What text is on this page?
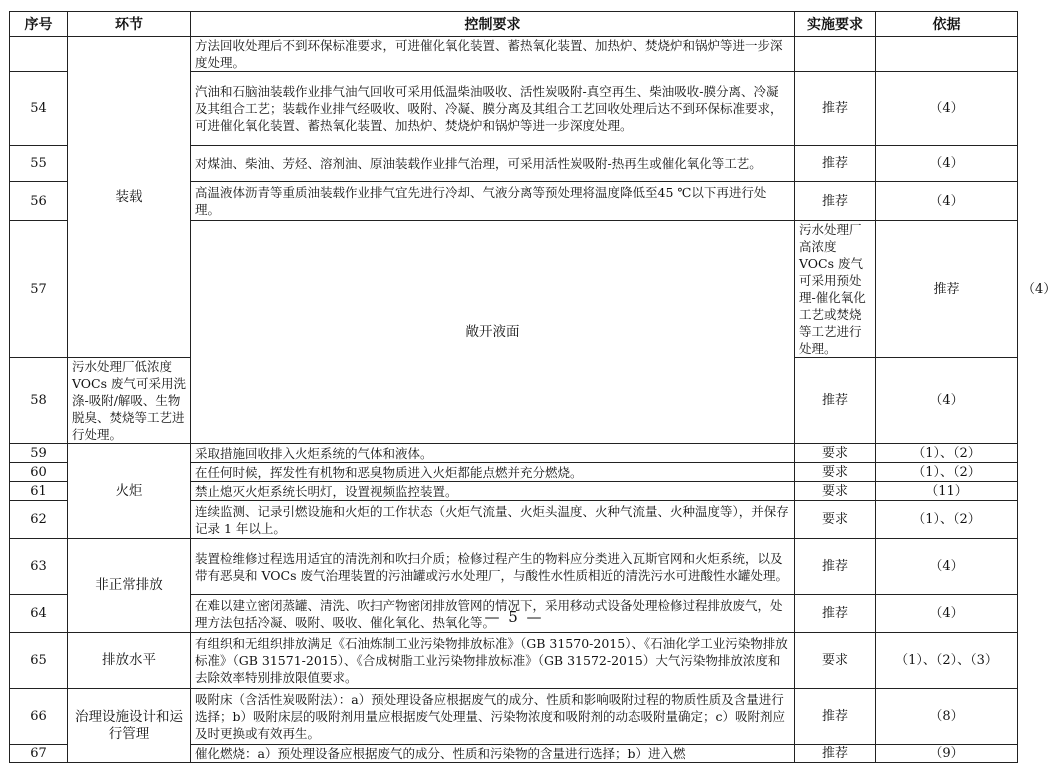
序号	环节	控制要求	实施要求	依据	
	装载	方法回收处理后不到环保标准要求，可进催化氧化装置、蓄热氧化装置、加热炉、焚烧炉和锅炉等进一步深度处理。			
54		汽油和石脑油装载作业排气油气回收可采用低温柴油吸收、活性炭吸附-真空再生、柴油吸收-膜分离、冷凝及其组合工艺；装载作业排气经吸收、吸附、冷凝、膜分离及其组合工艺回收处理后达不到环保标准要求，可进催化氧化装置、蓄热氧化装置、加热炉、焚烧炉和锅炉等进一步深度处理。	推荐	（4）	
55		对煤油、柴油、芳烃、溶剂油、原油装载作业排气治理，可采用活性炭吸附-热再生或催化氧化等工艺。	推荐	（4）	
56		高温液体沥青等重质油装载作业排气宜先进行冷却、气液分离等预处理将温度降低至45 ℃以下再进行处理。	推荐	（4）	
57		敞开液面	污水处理厂高浓度 VOCs 废气可采用预处理-催化氧化工艺或焚烧等工艺进行处理。	推荐	（4）
58	污水处理厂低浓度 VOCs 废气可采用洗涤-吸附/解吸、生物脱臭、焚烧等工艺进行处理。		推荐	（4）	
59	火炬	采取措施回收排入火炬系统的气体和液体。	要求	（1）、（2）	
60		在任何时候，挥发性有机物和恶臭物质进入火炬都能点燃并充分燃烧。	要求	（1）、（2）	
61		禁止熄灭火炬系统长明灯，设置视频监控装置。	要求	（11）	
62		连续监测、记录引燃设施和火炬的工作状态（火炬气流量、火炬头温度、火种气流量、火种温度等），并保存记录 1 年以上。	要求	（1）、（2）	
63	非正常排放	装置检维修过程选用适宜的清洗剂和吹扫介质；检修过程产生的物料应分类进入瓦斯官网和火炬系统，以及带有恶臭和 VOCs 废气治理装置的污油罐或污水处理厂，与酸性水性质相近的清洗污水可进酸性水罐处理。	推荐	（4）	
64		在难以建立密闭蒸罐、清洗、吹扫产物密闭排放管网的情况下，采用移动式设备处理检修过程排放废气，处理方法包括冷凝、吸附、吸收、催化氧化、热氧化等。	推荐	（4）	
65	排放水平	有组织和无组织排放满足《石油炼制工业污染物排放标准》（GB 31570-2015）、《石油化学工业污染物排放标准》（GB 31571-2015）、《合成树脂工业污染物排放标准》（GB 31572-2015）大气污染物排放浓度和去除效率特别排放限值要求。	要求	（1）、（2）、（3）	
66	治理设施设计和运行管理	吸附床（含活性炭吸附法）：a）预处理设备应根据废气的成分、性质和影响吸附过程的物质性质及含量进行选择；b）吸附床层的吸附剂用量应根据废气处理量、污染物浓度和吸附剂的动态吸附量确定；c）吸附剂应及时更换或有效再生。	推荐	（8）	
67		催化燃烧：a）预处理设备应根据废气的成分、性质和污染物的含量进行选择；b）进入燃	推荐	（9）	
— 5 —
